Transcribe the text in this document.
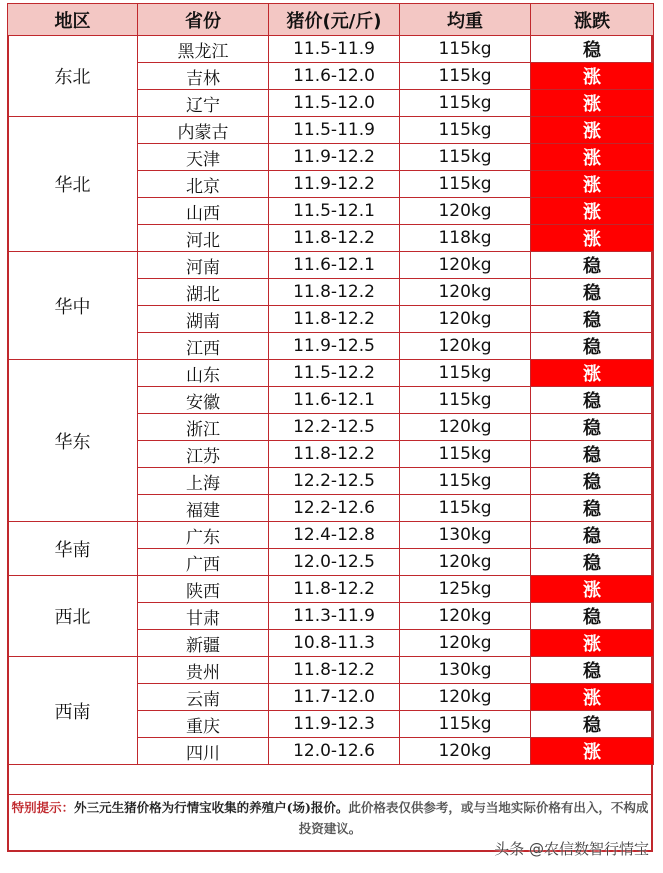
地区	省份	猪价(元/斤)	均重	涨跌
东北	黑龙江	11.5-11.9	115kg	稳
	吉林	11.6-12.0	115kg	涨
	辽宁	11.5-12.0	115kg	涨
华北	内蒙古	11.5-11.9	115kg	涨
	天津	11.9-12.2	115kg	涨
	北京	11.9-12.2	115kg	涨
	山西	11.5-12.1	120kg	涨
	河北	11.8-12.2	118kg	涨
华中	河南	11.6-12.1	120kg	稳
	湖北	11.8-12.2	120kg	稳
	湖南	11.8-12.2	120kg	稳
	江西	11.9-12.5	120kg	稳
华东	山东	11.5-12.2	115kg	涨
	安徽	11.6-12.1	115kg	稳
	浙江	12.2-12.5	120kg	稳
	江苏	11.8-12.2	115kg	稳
	上海	12.2-12.5	115kg	稳
	福建	12.2-12.6	115kg	稳
华南	广东	12.4-12.8	130kg	稳
	广西	12.0-12.5	120kg	稳
西北	陕西	11.8-12.2	125kg	涨
	甘肃	11.3-11.9	120kg	稳
	新疆	10.8-11.3	120kg	涨
西南	贵州	11.8-12.2	130kg	稳
	云南	11.7-12.0	120kg	涨
	重庆	11.9-12.3	115kg	稳
	四川	12.0-12.6	120kg	涨
特别提示：外三元生猪价格为行情宝收集的养殖户(场)报价。此价格表仅供参考，或与当地实际价格有出入，不构成投资建议。
头条 @农信数智行情宝
